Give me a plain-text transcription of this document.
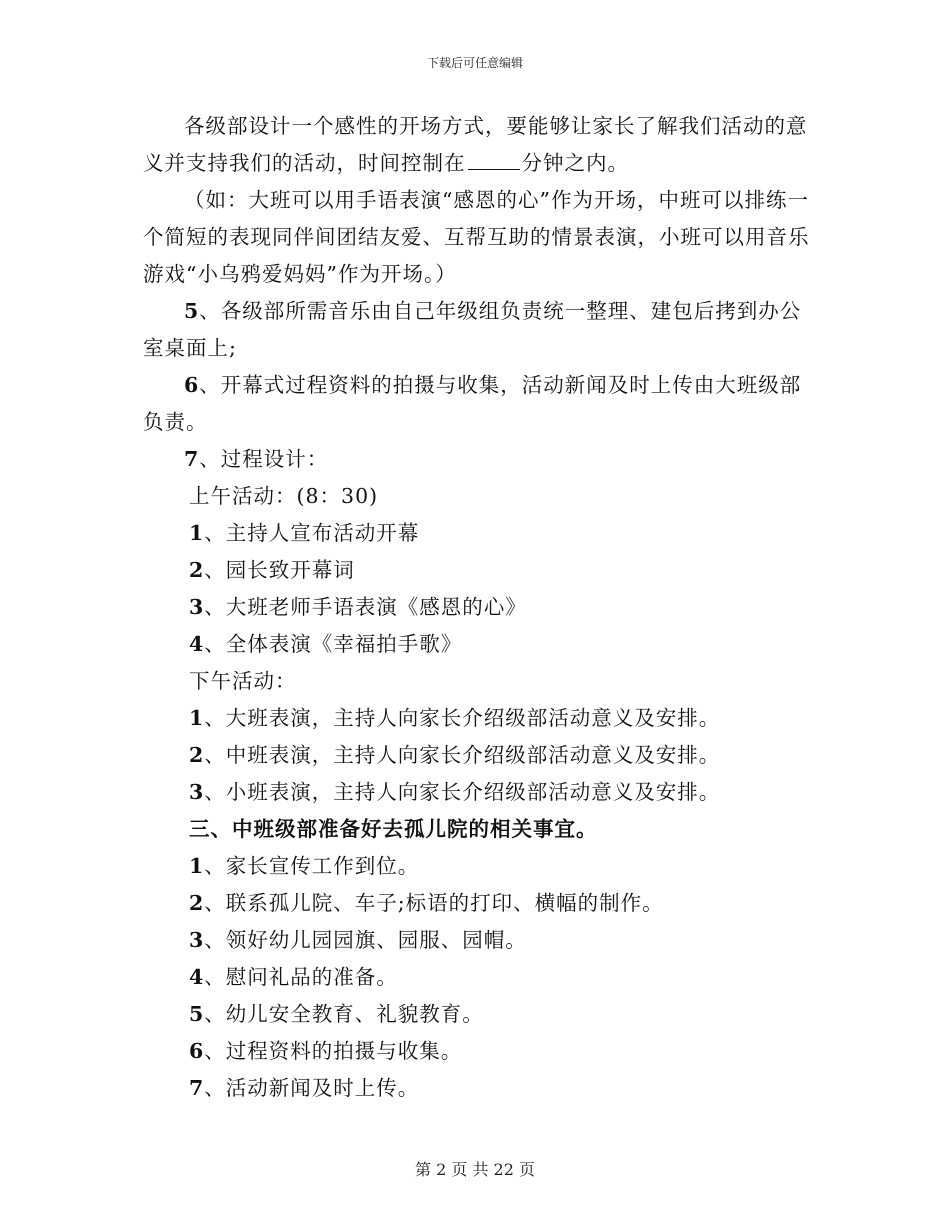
下载后可任意编辑

各级部设计一个感性的开场方式，要能够让家长了解我们活动的意义并支持我们的活动，时间控制在	分钟之内。

（如：大班可以用手语表演“感恩的心”作为开场，中班可以排练一个简短的表现同伴间团结友爱、互帮互助的情景表演，小班可以用音乐游戏“小乌鸦爱妈妈”作为开场。）

5、各级部所需音乐由自己年级组负责统一整理、建包后拷到办公室桌面上;

6、开幕式过程资料的拍摄与收集，活动新闻及时上传由大班级部负责。

7、过程设计：

上午活动：(8：30)

1、主持人宣布活动开幕

2、园长致开幕词

3、大班老师手语表演《感恩的心》

4、全体表演《幸福拍手歌》

下午活动：

1、大班表演，主持人向家长介绍级部活动意义及安排。

2、中班表演，主持人向家长介绍级部活动意义及安排。

3、小班表演，主持人向家长介绍级部活动意义及安排。

三、中班级部准备好去孤儿院的相关事宜。

1、家长宣传工作到位。

2、联系孤儿院、车子;标语的打印、横幅的制作。

3、领好幼儿园园旗、园服、园帽。

4、慰问礼品的准备。

5、幼儿安全教育、礼貌教育。

6、过程资料的拍摄与收集。

7、活动新闻及时上传。

第 2 页 共 22 页
